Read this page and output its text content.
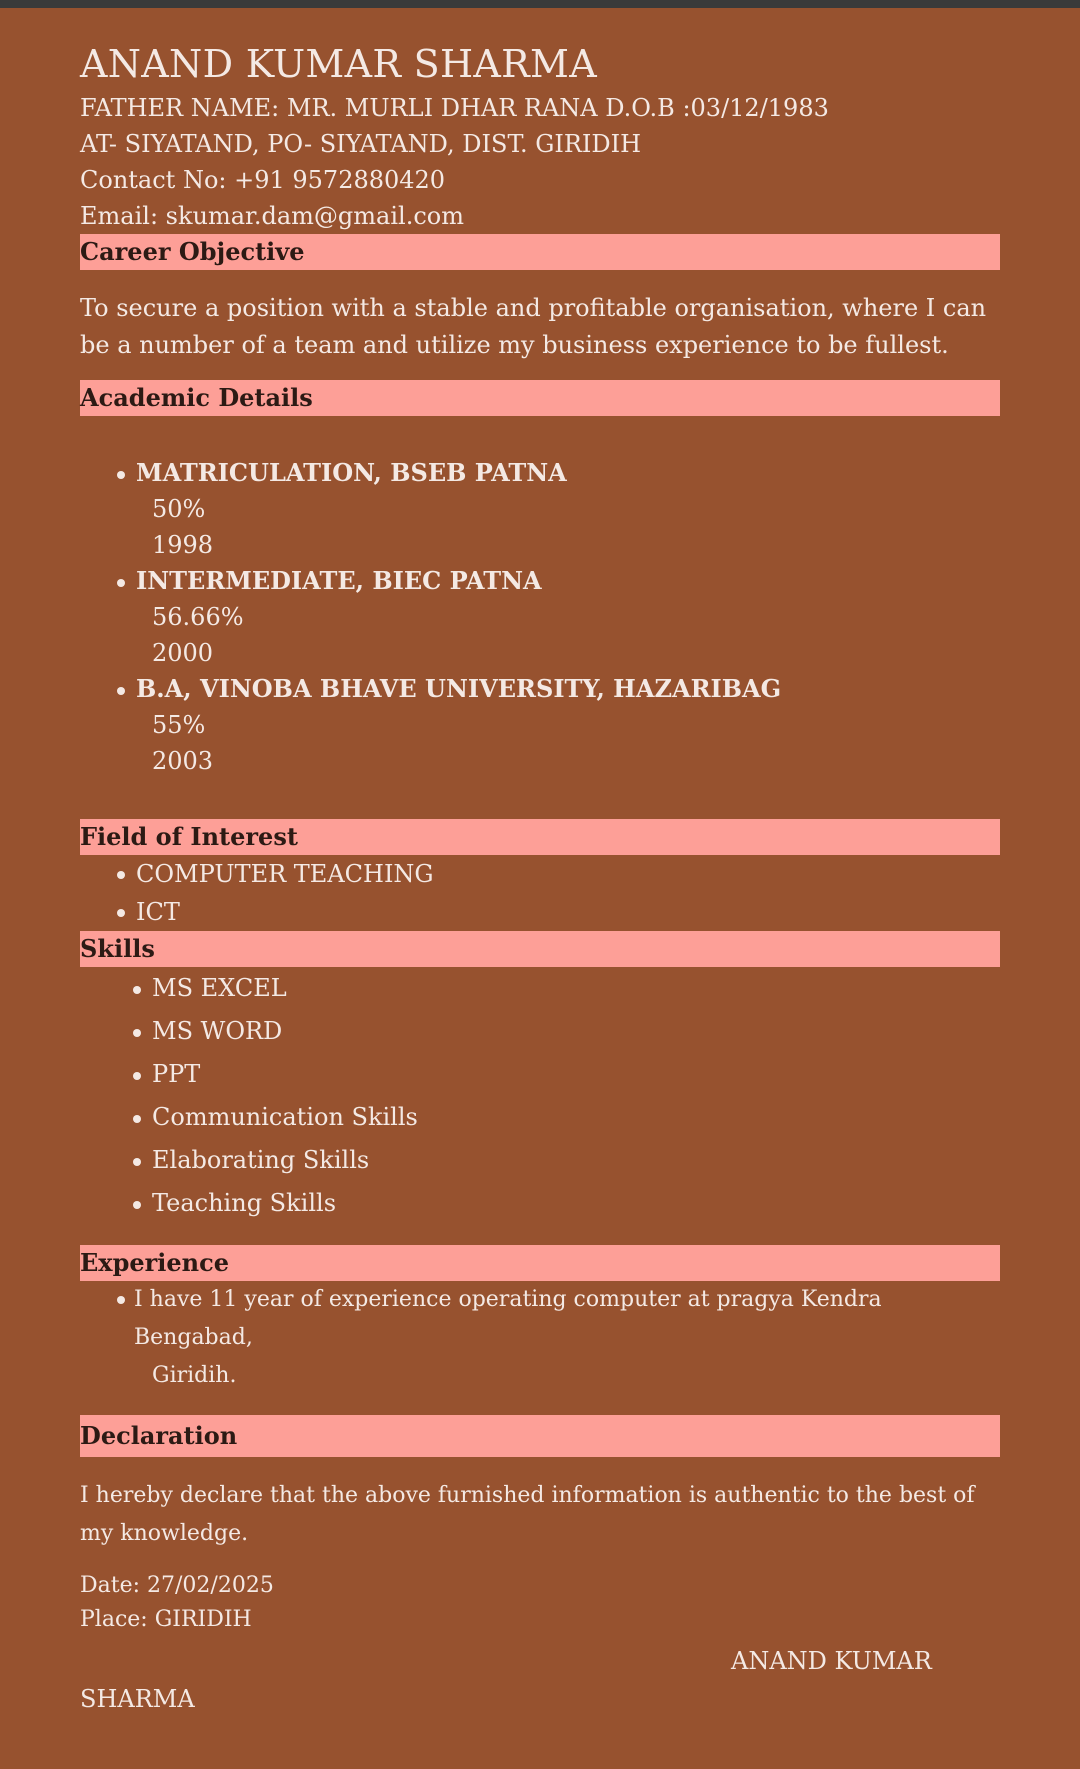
ANAND KUMAR SHARMA

FATHER NAME: MR. MURLI DHAR RANA D.O.B :03/12/1983

AT- SIYATAND, PO- SIYATAND, DIST. GIRIDIH

Contact No: +91 9572880420

Email: skumar.dam@gmail.com

Career Objective

To secure a position with a stable and profitable organisation, where I can be a number of a team and utilize my business experience to be fullest.

Academic Details
MATRICULATION, BSEB PATNA
50%
1998
INTERMEDIATE, BIEC PATNA
56.66%
2000
B.A, VINOBA BHAVE UNIVERSITY, HAZARIBAG
55%
2003
Field of Interest
COMPUTER TEACHING
ICT
Skills
MS EXCEL
MS WORD
PPT
Communication Skills
Elaborating Skills
Teaching Skills
Experience
I have 11 year of experience operating computer at pragya Kendra Bengabad,
Giridih.
Declaration

I hereby declare that the above furnished information is authentic to the best of my knowledge.

Date: 27/02/2025

Place: GIRIDIH

ANAND KUMAR

SHARMA
